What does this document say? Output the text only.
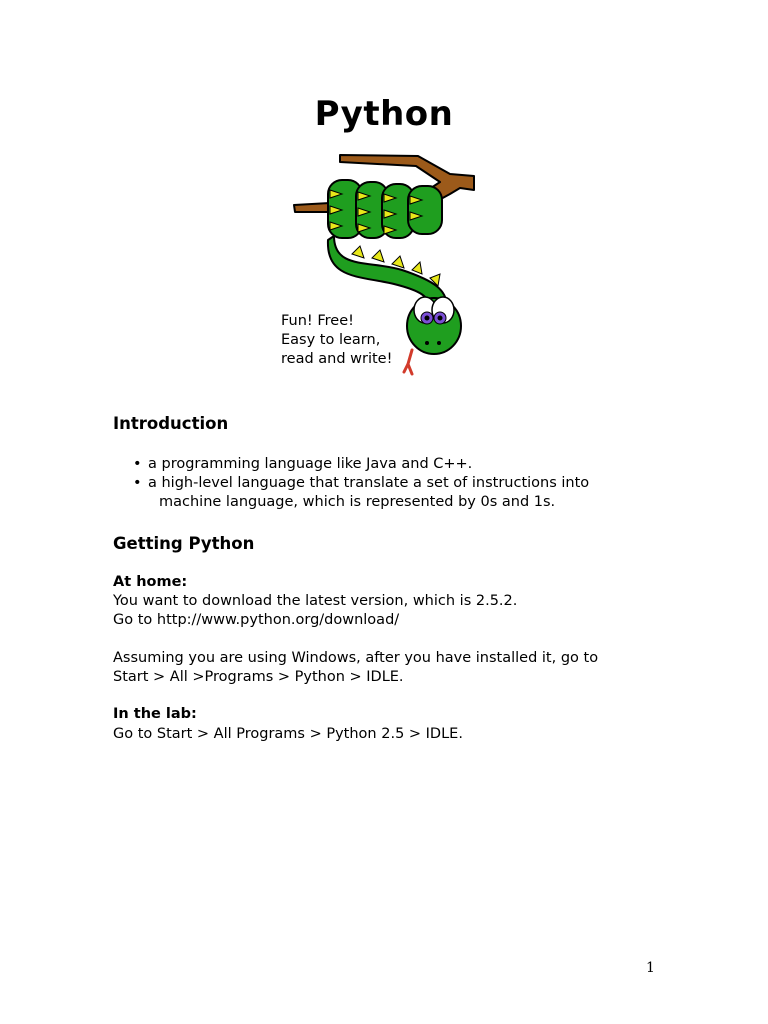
Python
Fun! Free!
Easy to learn,
read and write!
Introduction
• a programming language like Java and C++.
• a high-level language that translate a set of instructions into
machine language, which is represented by 0s and 1s.
Getting Python
At home:
You want to download the latest version, which is 2.5.2.
Go to http://www.python.org/download/
Assuming you are using Windows, after you have installed it, go to
Start > All >Programs > Python > IDLE.
In the lab:
Go to Start > All Programs > Python 2.5 > IDLE.
1
